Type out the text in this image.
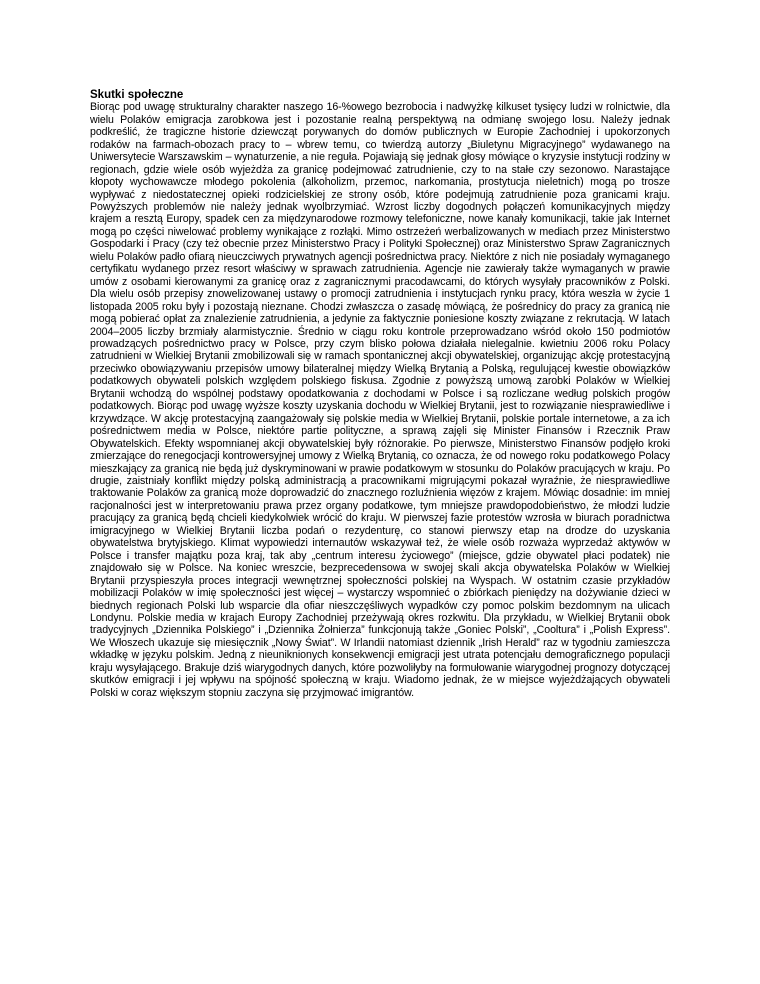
Skutki społeczne

Biorąc pod uwagę strukturalny charakter naszego 16-%owego bezrobocia i nadwyżkę kilkuset tysięcy ludzi w rolnictwie, dla wielu Polaków emigracja zarobkowa jest i pozostanie realną perspektywą na odmianę swojego losu. Należy jednak podkreślić, że tragiczne historie dziewcząt porywanych do domów publicznych w Europie Zachodniej i upokorzonych rodaków na farmach-obozach pracy to – wbrew temu, co twierdzą autorzy „Biuletynu Migracyjnego” wydawanego na Uniwersytecie Warszawskim – wynaturzenie, a nie reguła. Pojawiają się jednak głosy mówiące o kryzysie instytucji rodziny w regionach, gdzie wiele osób wyjeżdża za granicę podejmować zatrudnienie, czy to na stałe czy sezonowo. Narastające kłopoty wychowawcze młodego pokolenia (alkoholizm, przemoc, narkomania, prostytucja nieletnich) mogą po trosze wypływać z niedostatecznej opieki rodzicielskiej ze strony osób, które podejmują zatrudnienie poza granicami kraju. Powyższych problemów nie należy jednak wyolbrzymiać. Wzrost liczby dogodnych połączeń komunikacyjnych między krajem a resztą Europy, spadek cen za międzynarodowe rozmowy telefoniczne, nowe kanały komunikacji, takie jak Internet mogą po części niwelować problemy wynikające z rozłąki. Mimo ostrzeżeń werbalizowanych w mediach przez Ministerstwo Gospodarki i Pracy (czy też obecnie przez Ministerstwo Pracy i Polityki Społecznej) oraz Ministerstwo Spraw Zagranicznych wielu Polaków padło ofiarą nieuczciwych prywatnych agencji pośrednictwa pracy. Niektóre z nich nie posiadały wymaganego certyfikatu wydanego przez resort właściwy w sprawach zatrudnienia. Agencje nie zawierały także wymaganych w prawie umów z osobami kierowanymi za granicę oraz z zagranicznymi pracodawcami, do których wysyłały pracowników z Polski. Dla wielu osób przepisy znowelizowanej ustawy o promocji zatrudnienia i instytucjach rynku pracy, która weszła w życie 1 listopada 2005 roku były i pozostają nieznane. Chodzi zwłaszcza o zasadę mówiącą, że pośrednicy do pracy za granicą nie mogą pobierać opłat za znalezienie zatrudnienia, a jedynie za faktycznie poniesione koszty związane z rekrutacją. W latach 2004–2005 liczby brzmiały alarmistycznie. Średnio w ciągu roku kontrole przeprowadzano wśród około 150 podmiotów prowadzących pośrednictwo pracy w Polsce, przy czym blisko połowa działała nielegalnie. kwietniu 2006 roku Polacy zatrudnieni w Wielkiej Brytanii zmobilizowali się w ramach spontanicznej akcji obywatelskiej, organizując akcję protestacyjną przeciwko obowiązywaniu przepisów umowy bilateralnej między Wielką Brytanią a Polską, regulującej kwestie obowiązków podatkowych obywateli polskich względem polskiego fiskusa. Zgodnie z powyższą umową zarobki Polaków w Wielkiej Brytanii wchodzą do wspólnej podstawy opodatkowania z dochodami w Polsce i są rozliczane według polskich progów podatkowych. Biorąc pod uwagę wyższe koszty uzyskania dochodu w Wielkiej Brytanii, jest to rozwiązanie niesprawiedliwe i krzywdzące. W akcję protestacyjną zaangażowały się polskie media w Wielkiej Brytanii, polskie portale internetowe, a za ich pośrednictwem media w Polsce, niektóre partie polityczne, a sprawą zajęli się Minister Finansów i Rzecznik Praw Obywatelskich. Efekty wspomnianej akcji obywatelskiej były różnorakie. Po pierwsze, Ministerstwo Finansów podjęło kroki zmierzające do renegocjacji kontrowersyjnej umowy z Wielką Brytanią, co oznacza, że od nowego roku podatkowego Polacy mieszkający za granicą nie będą już dyskryminowani w prawie podatkowym w stosunku do Polaków pracujących w kraju. Po drugie, zaistniały konflikt między polską administracją a pracownikami migrującymi pokazał wyraźnie, że niesprawiedliwe traktowanie Polaków za granicą może doprowadzić do znacznego rozluźnienia więzów z krajem. Mówiąc dosadnie: im mniej racjonalności jest w interpretowaniu prawa przez organy podatkowe, tym mniejsze prawdopodobieństwo, że młodzi ludzie pracujący za granicą będą chcieli kiedykolwiek wrócić do kraju. W pierwszej fazie protestów wzrosła w biurach poradnictwa imigracyjnego w Wielkiej Brytanii liczba podań o rezydenturę, co stanowi pierwszy etap na drodze do uzyskania obywatelstwa brytyjskiego. Klimat wypowiedzi internautów wskazywał też, że wiele osób rozważa wyprzedaż aktywów w Polsce i transfer majątku poza kraj, tak aby „centrum interesu życiowego” (miejsce, gdzie obywatel płaci podatek) nie znajdowało się w Polsce. Na koniec wreszcie, bezprecedensowa w swojej skali akcja obywatelska Polaków w Wielkiej Brytanii przyspieszyła proces integracji wewnętrznej społeczności polskiej na Wyspach. W ostatnim czasie przykładów mobilizacji Polaków w imię społeczności jest więcej – wystarczy wspomnieć o zbiórkach pieniędzy na dożywianie dzieci w biednych regionach Polski lub wsparcie dla ofiar nieszczęśliwych wypadków czy pomoc polskim bezdomnym na ulicach Londynu. Polskie media w krajach Europy Zachodniej przeżywają okres rozkwitu. Dla przykładu, w Wielkiej Brytanii obok tradycyjnych „Dziennika Polskiego” i „Dziennika Żołnierza” funkcjonują także „Goniec Polski”, „Cooltura” i „Polish Express”. We Włoszech ukazuje się miesięcznik „Nowy Świat”. W Irlandii natomiast dziennik „Irish Herald” raz w tygodniu zamieszcza wkładkę w języku polskim. Jedną z nieuniknionych konsekwencji emigracji jest utrata potencjału demograficznego populacji kraju wysyłającego. Brakuje dziś wiarygodnych danych, które pozwoliłyby na formułowanie wiarygodnej prognozy dotyczącej skutków emigracji i jej wpływu na spójność społeczną w kraju. Wiadomo jednak, że w miejsce wyjeżdżających obywateli Polski w coraz większym stopniu zaczyna się przyjmować imigrantów.
